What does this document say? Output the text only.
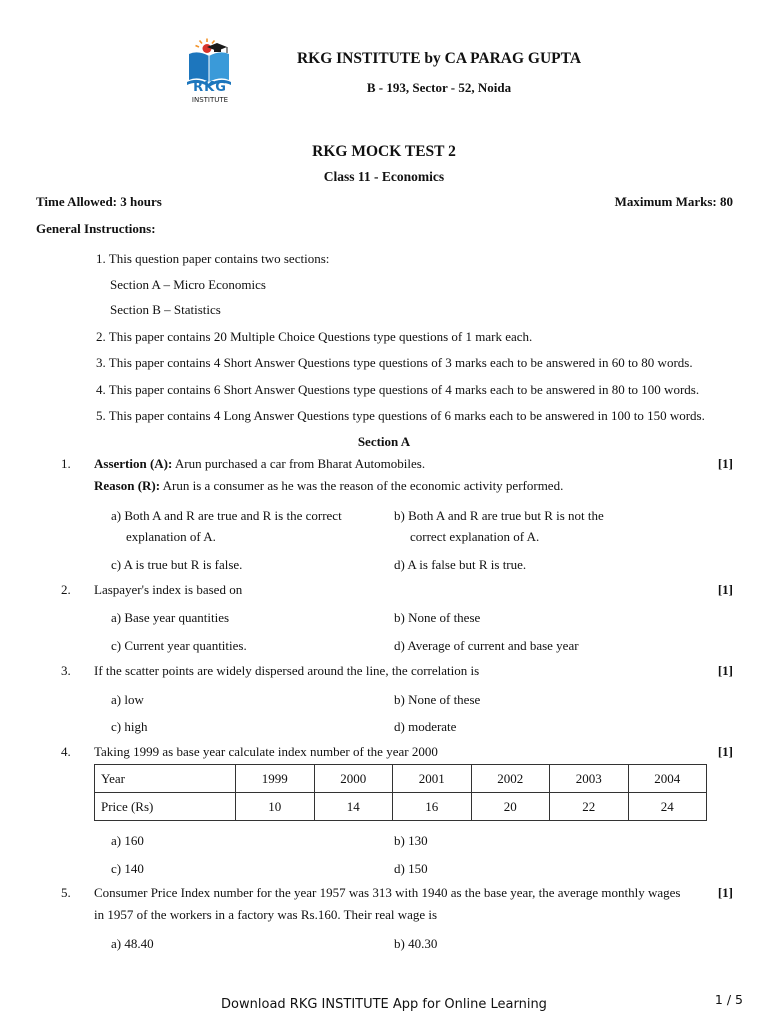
RKG
INSTITUTE
RKG INSTITUTE by CA PARAG GUPTA
B - 193, Sector - 52, Noida
RKG MOCK TEST 2
Class 11 - Economics
Time Allowed: 3 hours	Maximum Marks: 80
General Instructions:
1. This question paper contains two sections:
Section A – Micro Economics
Section B – Statistics
2. This paper contains 20 Multiple Choice Questions type questions of 1 mark each.
3. This paper contains 4 Short Answer Questions type questions of 3 marks each to be answered in 60 to 80 words.
4. This paper contains 6 Short Answer Questions type questions of 4 marks each to be answered in 80 to 100 words.
5. This paper contains 4 Long Answer Questions type questions of 6 marks each to be answered in 100 to 150 words.
Section A
1. Assertion (A): Arun purchased a car from Bharat Automobiles.	[1]
Reason (R): Arun is a consumer as he was the reason of the economic activity performed.
a) Both A and R are true and R is the correct
explanation of A.
b) Both A and R are true but R is not the
correct explanation of A.
c) A is true but R is false.	d) A is false but R is true.
2. Laspayer's index is based on	[1]
a) Base year quantities	b) None of these
c) Current year quantities.	d) Average of current and base year
3. If the scatter points are widely dispersed around the line, the correlation is	[1]
a) low	b) None of these
c) high	d) moderate
4. Taking 1999 as base year calculate index number of the year 2000	[1]
Year	1999	2000	2001	2002	2003	2004
Price (Rs)	10	14	16	20	22	24
a) 160	b) 130
c) 140	d) 150
5. Consumer Price Index number for the year 1957 was 313 with 1940 as the base year, the average monthly wages
in 1957 of the workers in a factory was Rs.160. Their real wage is
[1]
a) 48.40	b) 40.30
Download RKG INSTITUTE App for Online Learning	1 / 5
